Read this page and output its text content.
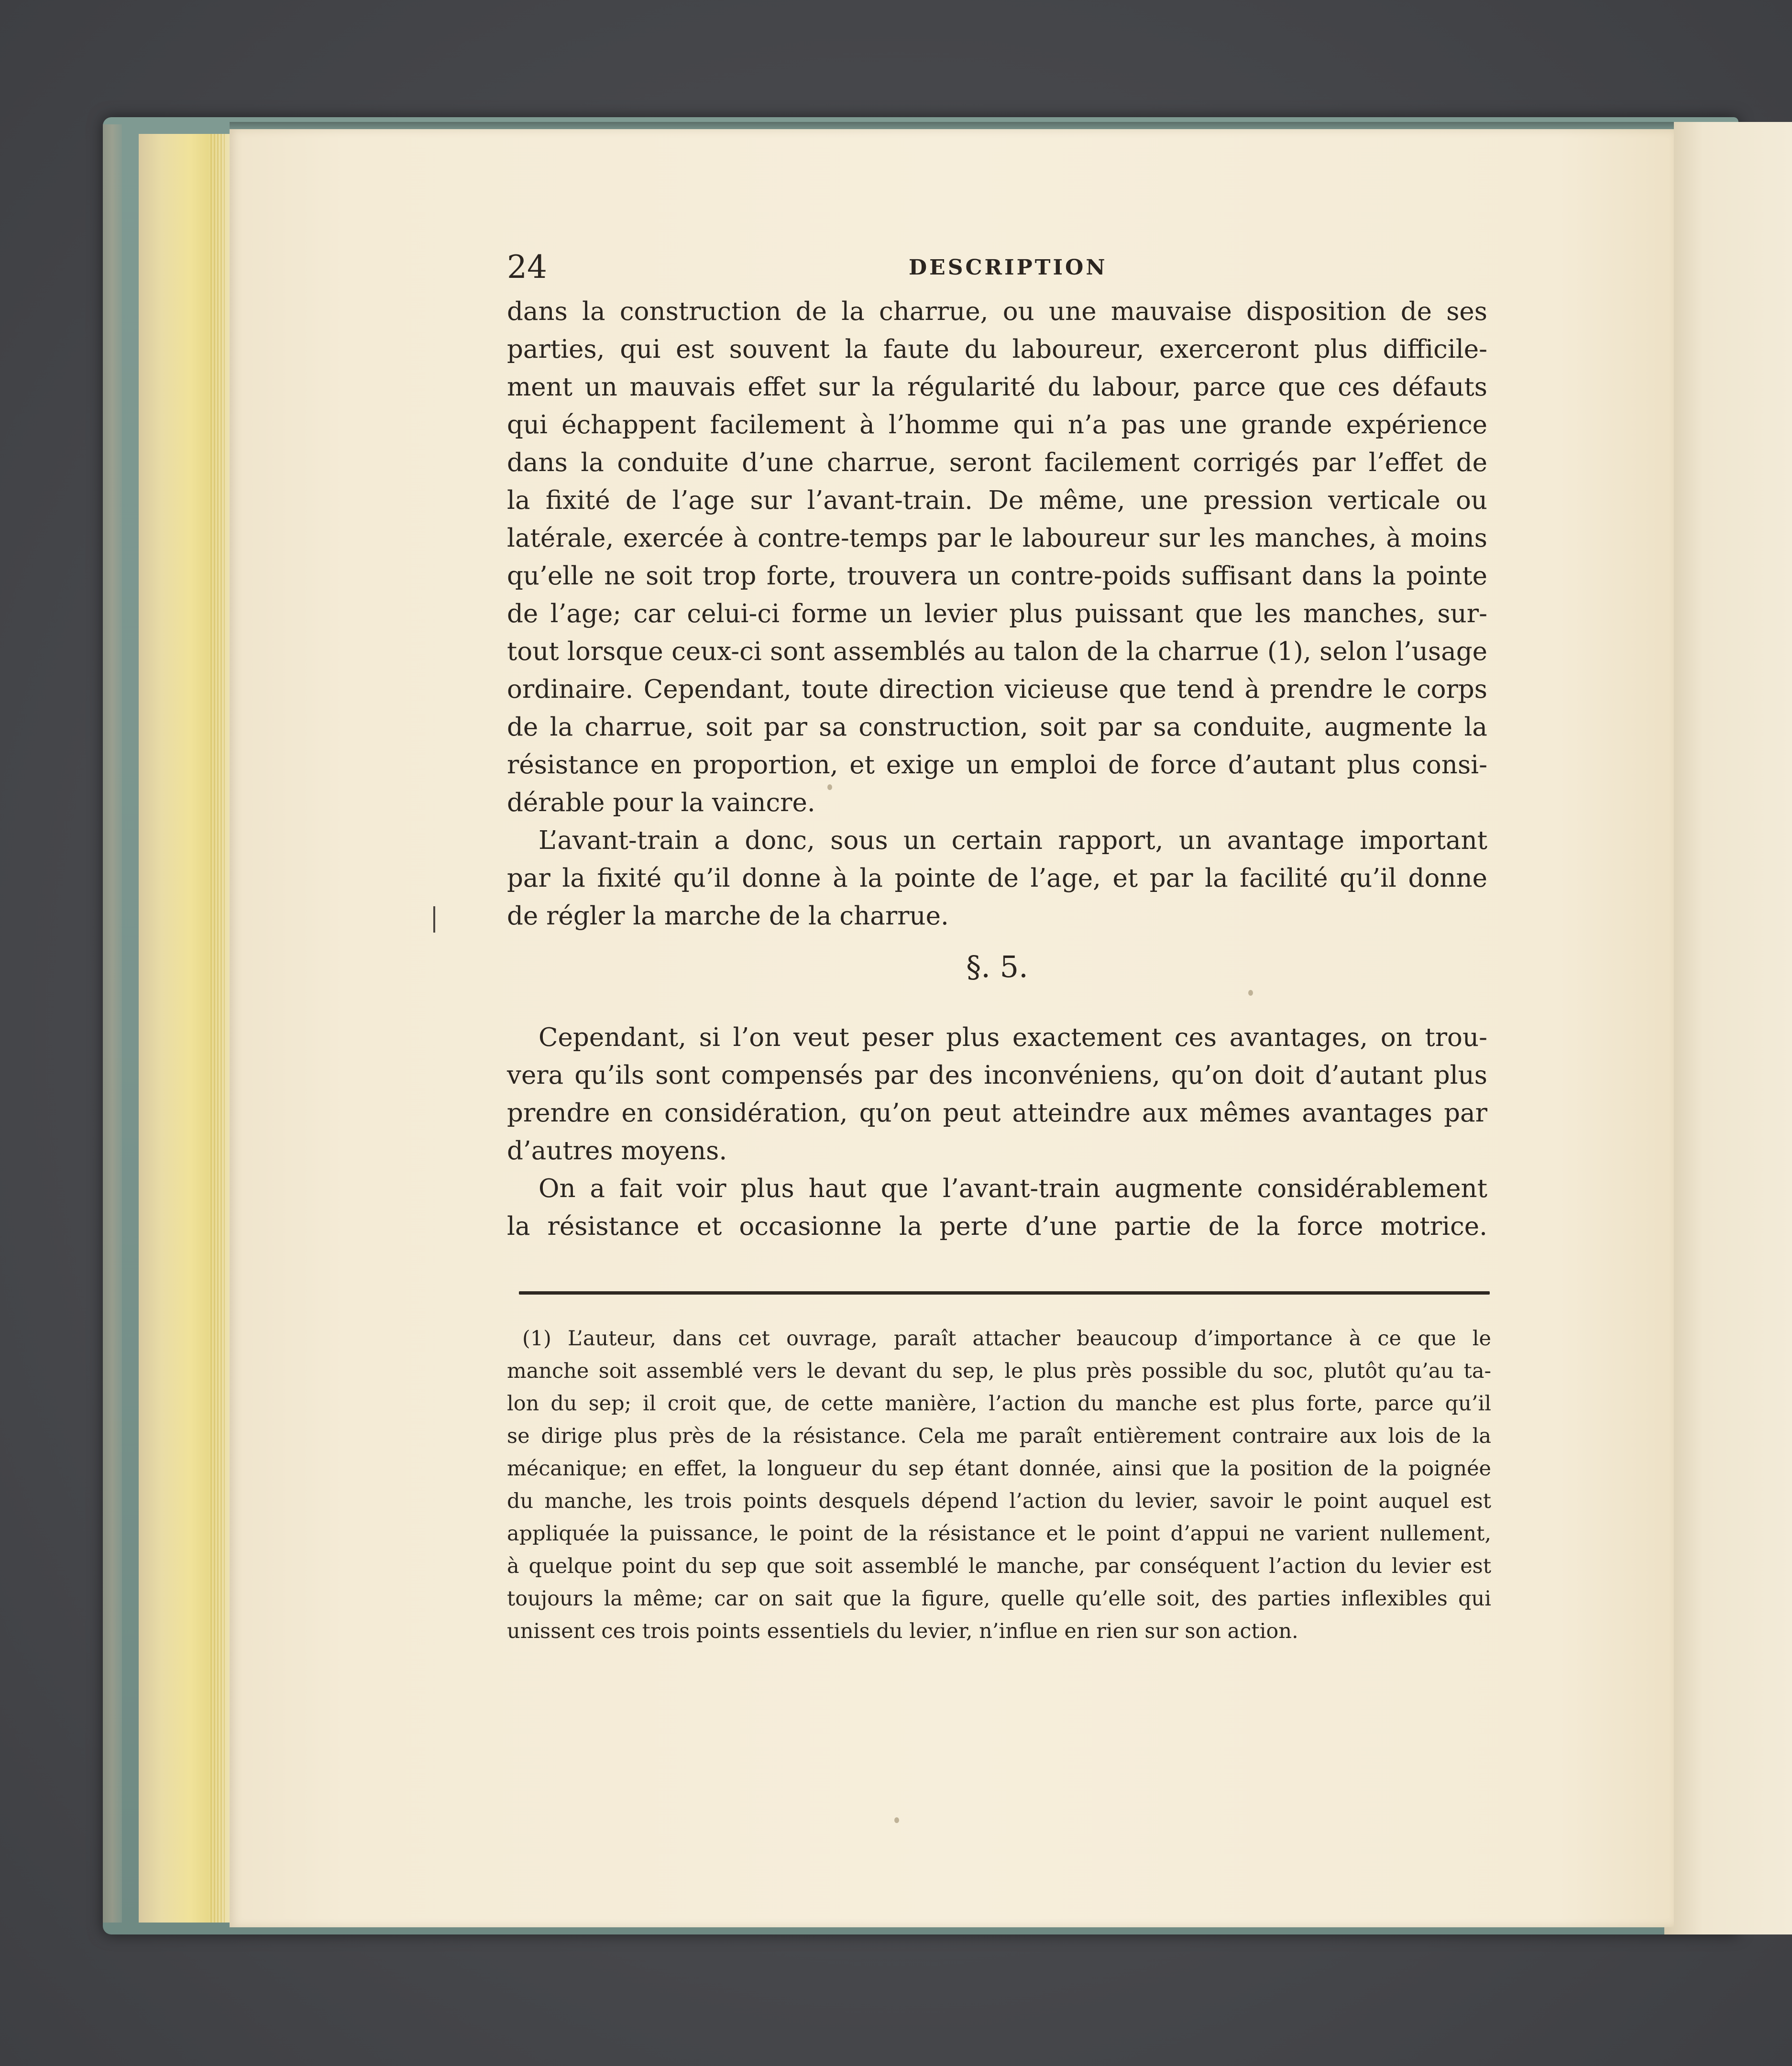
24	DESCRIPTION
dans la construction de la charrue, ou une mauvaise disposition de ses
parties, qui est souvent la faute du laboureur, exerceront plus difficile-
ment un mauvais effet sur la régularité du labour, parce que ces défauts
qui échappent facilement à l’homme qui n’a pas une grande expérience
dans la conduite d’une charrue, seront facilement corrigés par l’effet de
la fixité de l’age sur l’avant-train. De même, une pression verticale ou
latérale, exercée à contre-temps par le laboureur sur les manches, à moins
qu’elle ne soit trop forte, trouvera un contre-poids suffisant dans la pointe
de l’age; car celui-ci forme un levier plus puissant que les manches, sur-
tout lorsque ceux-ci sont assemblés au talon de la charrue (1), selon l’usage
ordinaire. Cependant, toute direction vicieuse que tend à prendre le corps
de la charrue, soit par sa construction, soit par sa conduite, augmente la
résistance en proportion, et exige un emploi de force d’autant plus consi-
dérable pour la vaincre.
L’avant-train a donc, sous un certain rapport, un avantage important
par la fixité qu’il donne à la pointe de l’age, et par la facilité qu’il donne
de régler la marche de la charrue.
§. 5.
Cependant, si l’on veut peser plus exactement ces avantages, on trou-
vera qu’ils sont compensés par des inconvéniens, qu’on doit d’autant plus
prendre en considération, qu’on peut atteindre aux mêmes avantages par
d’autres moyens.
On a fait voir plus haut que l’avant-train augmente considérablement
la résistance et occasionne la perte d’une partie de la force motrice.
(1) L’auteur, dans cet ouvrage, paraît attacher beaucoup d’importance à ce que le
manche soit assemblé vers le devant du sep, le plus près possible du soc, plutôt qu’au ta-
lon du sep; il croit que, de cette manière, l’action du manche est plus forte, parce qu’il
se dirige plus près de la résistance. Cela me paraît entièrement contraire aux lois de la
mécanique; en effet, la longueur du sep étant donnée, ainsi que la position de la poignée
du manche, les trois points desquels dépend l’action du levier, savoir le point auquel est
appliquée la puissance, le point de la résistance et le point d’appui ne varient nullement,
à quelque point du sep que soit assemblé le manche, par conséquent l’action du levier est
toujours la même; car on sait que la figure, quelle qu’elle soit, des parties inflexibles qui
unissent ces trois points essentiels du levier, n’influe en rien sur son action.
